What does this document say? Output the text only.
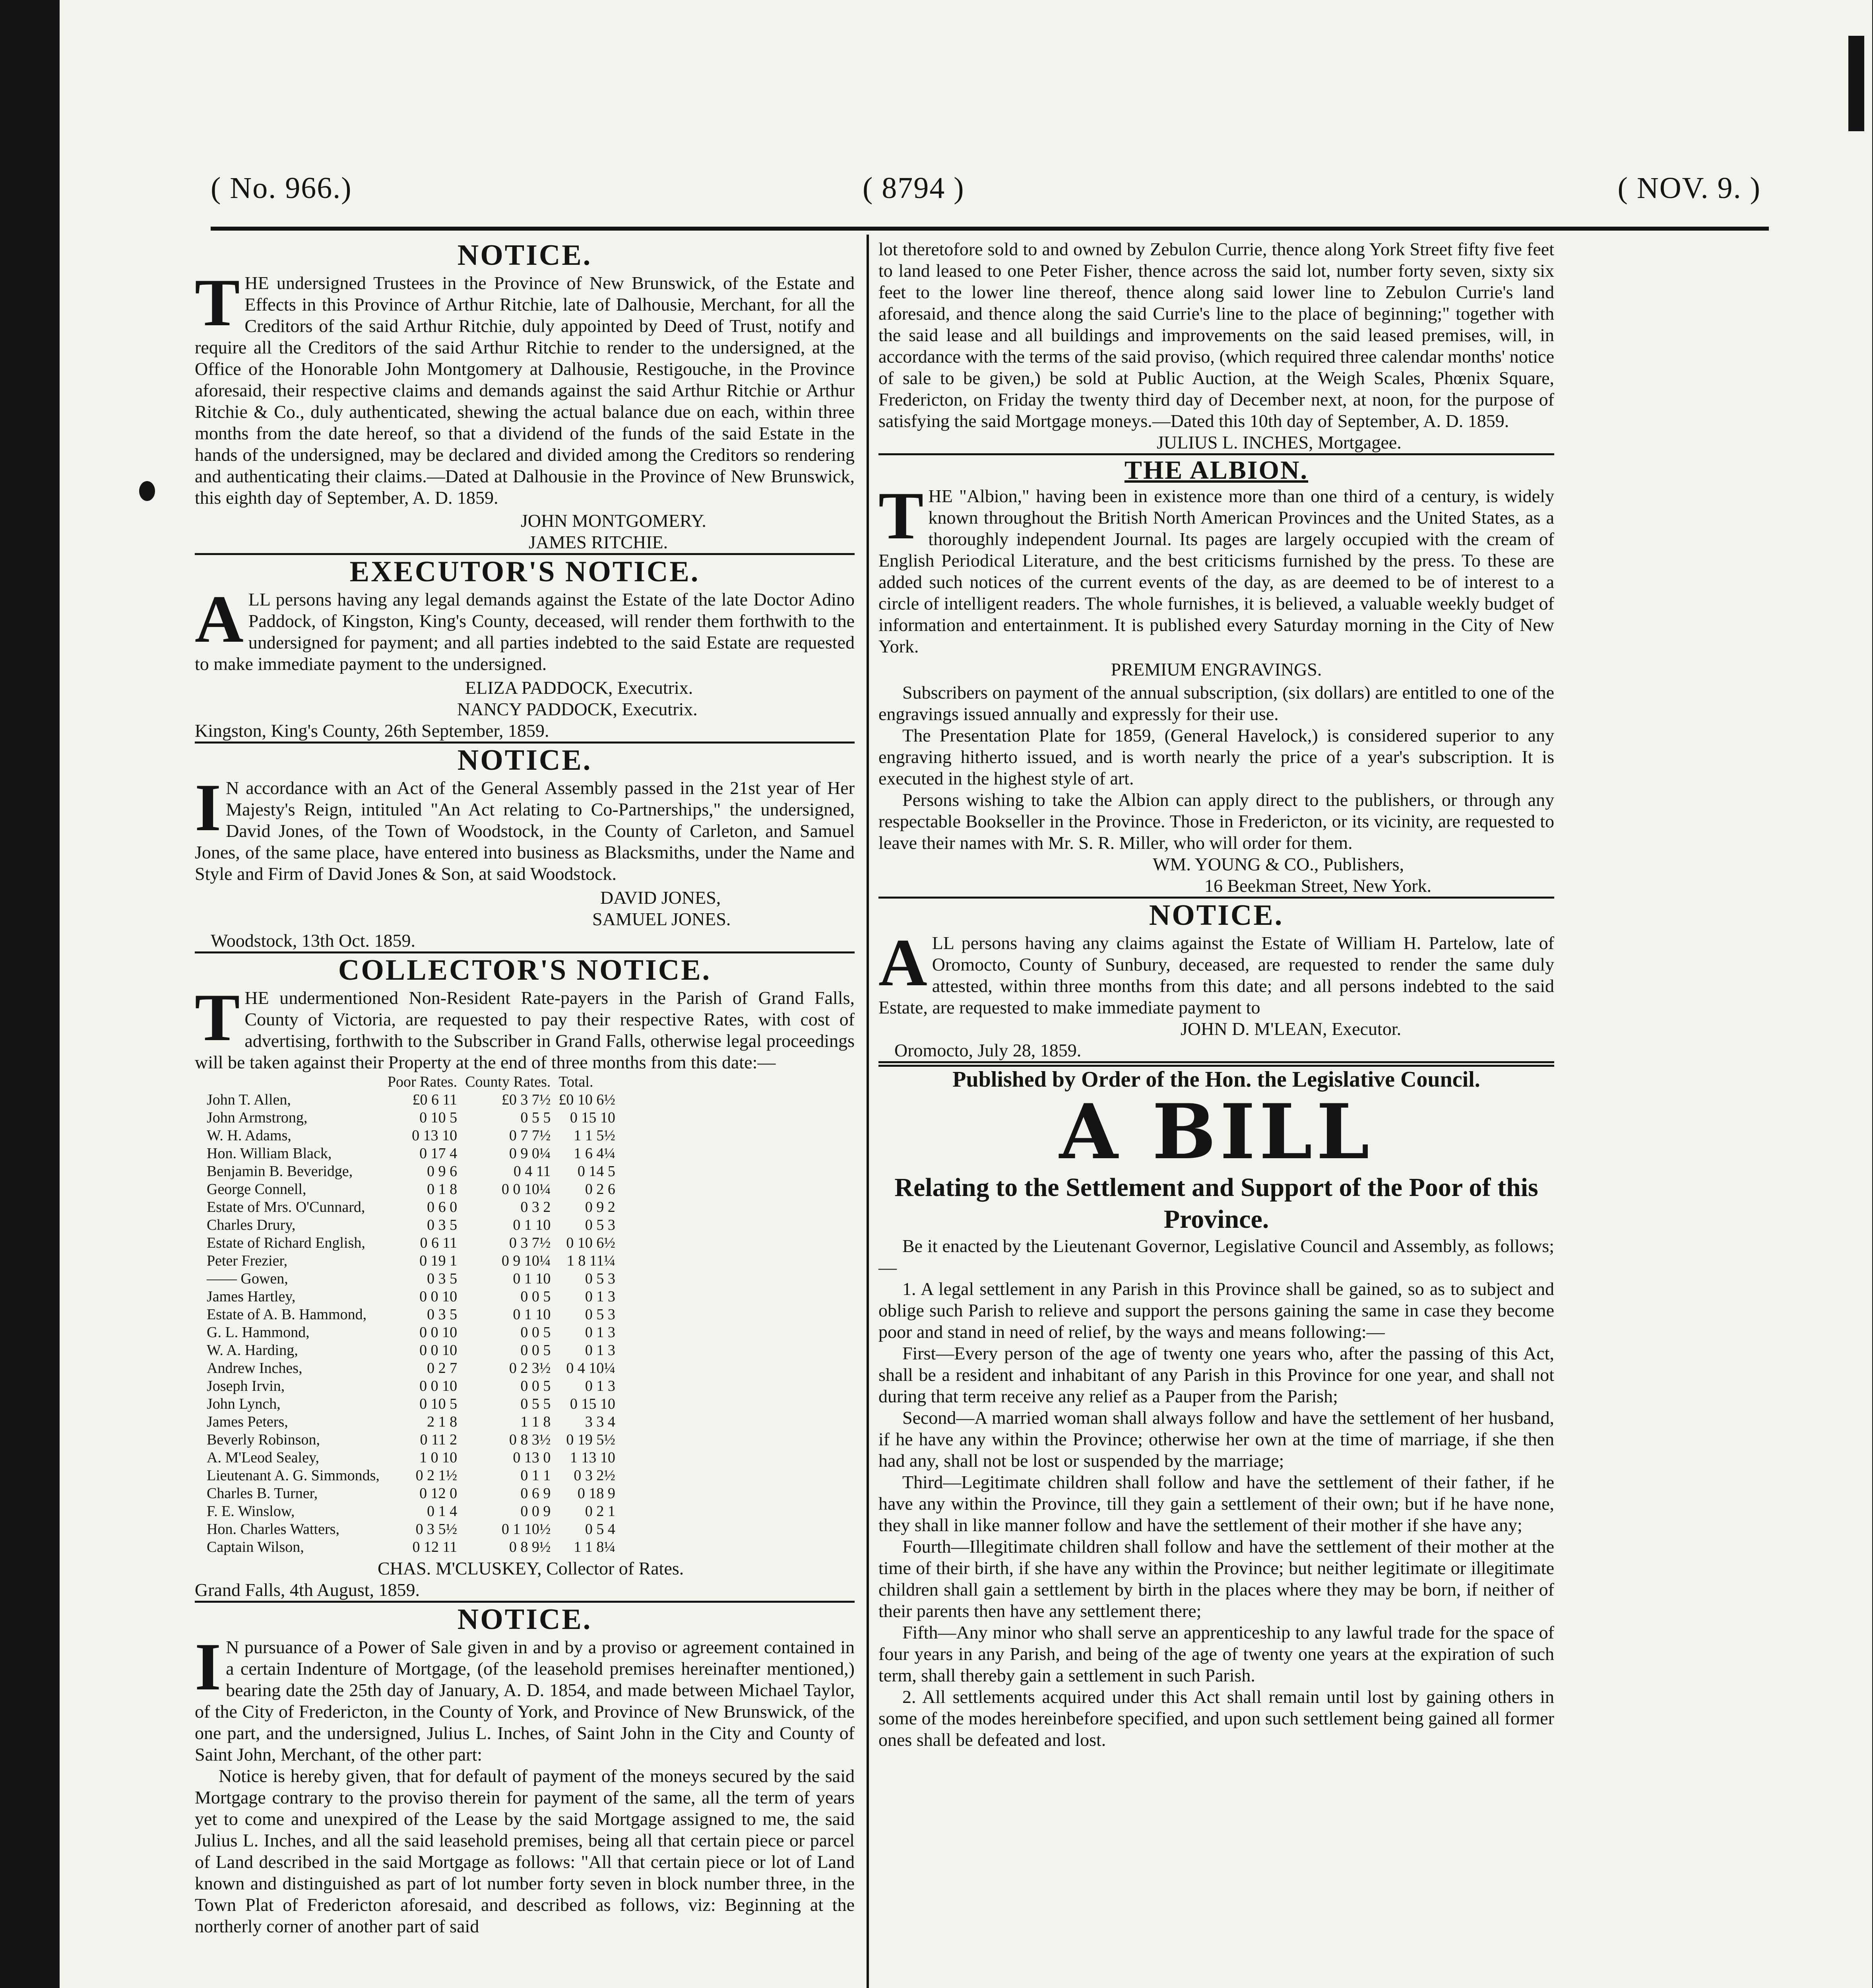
( No. 966.)	( 8794 )	( NOV. 9. )
NOTICE.

THE undersigned Trustees in the Province of New Brunswick, of the Estate and Effects in this Province of Arthur Ritchie, late of Dalhousie, Merchant, for all the Creditors of the said Arthur Ritchie, duly appointed by Deed of Trust, notify and require all the Creditors of the said Arthur Ritchie to render to the undersigned, at the Office of the Honorable John Montgomery at Dalhousie, Restigouche, in the Province aforesaid, their respective claims and demands against the said Arthur Ritchie or Arthur Ritchie & Co., duly authenticated, shewing the actual balance due on each, within three months from the date hereof, so that a dividend of the funds of the said Estate in the hands of the undersigned, may be declared and divided among the Creditors so rendering and authenticating their claims.—Dated at Dalhousie in the Province of New Brunswick, this eighth day of September, A. D. 1859.

JOHN MONTGOMERY.
JAMES RITCHIE.
EXECUTOR'S NOTICE.

ALL persons having any legal demands against the Estate of the late Doctor Adino Paddock, of Kingston, King's County, deceased, will render them forthwith to the undersigned for payment; and all parties indebted to the said Estate are requested to make immediate payment to the undersigned.

ELIZA PADDOCK, Executrix.
NANCY PADDOCK, Executrix.
Kingston, King's County, 26th September, 1859.
NOTICE.

I N accordance with an Act of the General Assembly passed in the 21st year of Her Majesty's Reign, intituled "An Act relating to Co-Partnerships," the undersigned, David Jones, of the Town of Woodstock, in the County of Carleton, and Samuel Jones, of the same place, have entered into business as Blacksmiths, under the Name and Style and Firm of David Jones & Son, at said Woodstock.

DAVID JONES,
SAMUEL JONES.
Woodstock, 13th Oct. 1859.
COLLECTOR'S NOTICE.

THE undermentioned Non-Resident Rate-payers in the Parish of Grand Falls, County of Victoria, are requested to pay their respective Rates, with cost of advertising, forthwith to the Subscriber in Grand Falls, otherwise legal proceedings will be taken against their Property at the end of three months from this date:—

	Poor Rates.	County Rates.	Total.
John T. Allen,	£0 6 11	£0 3 7½	£0 10 6½
John Armstrong,	0 10 5	0 5 5	0 15 10
W. H. Adams,	0 13 10	0 7 7½	1 1 5½
Hon. William Black,	0 17 4	0 9 0¼	1 6 4¼
Benjamin B. Beveridge,	0 9 6	0 4 11	0 14 5
George Connell,	0 1 8	0 0 10¼	0 2 6
Estate of Mrs. O'Cunnard,	0 6 0	0 3 2	0 9 2
Charles Drury,	0 3 5	0 1 10	0 5 3
Estate of Richard English,	0 6 11	0 3 7½	0 10 6½
Peter Frezier,	0 19 1	0 9 10¼	1 8 11¼
—— Gowen,	0 3 5	0 1 10	0 5 3
James Hartley,	0 0 10	0 0 5	0 1 3
Estate of A. B. Hammond,	0 3 5	0 1 10	0 5 3
G. L. Hammond,	0 0 10	0 0 5	0 1 3
W. A. Harding,	0 0 10	0 0 5	0 1 3
Andrew Inches,	0 2 7	0 2 3½	0 4 10¼
Joseph Irvin,	0 0 10	0 0 5	0 1 3
John Lynch,	0 10 5	0 5 5	0 15 10
James Peters,	2 1 8	1 1 8	3 3 4
Beverly Robinson,	0 11 2	0 8 3½	0 19 5½
A. M'Leod Sealey,	1 0 10	0 13 0	1 13 10
Lieutenant A. G. Simmonds,	0 2 1½	0 1 1	0 3 2½
Charles B. Turner,	0 12 0	0 6 9	0 18 9
F. E. Winslow,	0 1 4	0 0 9	0 2 1
Hon. Charles Watters,	0 3 5½	0 1 10½	0 5 4
Captain Wilson,	0 12 11	0 8 9½	1 1 8¼
CHAS. M'CLUSKEY, Collector of Rates.
Grand Falls, 4th August, 1859.
NOTICE.

I N pursuance of a Power of Sale given in and by a proviso or agreement contained in a certain Indenture of Mortgage, (of the leasehold premises hereinafter mentioned,) bearing date the 25th day of January, A. D. 1854, and made between Michael Taylor, of the City of Fredericton, in the County of York, and Province of New Brunswick, of the one part, and the undersigned, Julius L. Inches, of Saint John in the City and County of Saint John, Merchant, of the other part:

Notice is hereby given, that for default of payment of the moneys secured by the said Mortgage contrary to the proviso therein for payment of the same, all the term of years yet to come and unexpired of the Lease by the said Mortgage assigned to me, the said Julius L. Inches, and all the said leasehold premises, being all that certain piece or parcel of Land described in the said Mortgage as follows: "All that certain piece or lot of Land known and distinguished as part of lot number forty seven in block number three, in the Town Plat of Fredericton aforesaid, and described as follows, viz: Beginning at the northerly corner of another part of said

lot theretofore sold to and owned by Zebulon Currie, thence along York Street fifty five feet to land leased to one Peter Fisher, thence across the said lot, number forty seven, sixty six feet to the lower line thereof, thence along said lower line to Zebulon Currie's land aforesaid, and thence along the said Currie's line to the place of beginning;" together with the said lease and all buildings and improvements on the said leased premises, will, in accordance with the terms of the said proviso, (which required three calendar months' notice of sale to be given,) be sold at Public Auction, at the Weigh Scales, Phœnix Square, Fredericton, on Friday the twenty third day of December next, at noon, for the purpose of satisfying the said Mortgage moneys.—Dated this 10th day of September, A. D. 1859.

JULIUS L. INCHES, Mortgagee.
THE ALBION.

THE "Albion," having been in existence more than one third of a century, is widely known throughout the British North American Provinces and the United States, as a thoroughly independent Journal. Its pages are largely occupied with the cream of English Periodical Literature, and the best criticisms furnished by the press. To these are added such notices of the current events of the day, as are deemed to be of interest to a circle of intelligent readers. The whole furnishes, it is believed, a valuable weekly budget of information and entertainment. It is published every Saturday morning in the City of New York.

PREMIUM ENGRAVINGS.

Subscribers on payment of the annual subscription, (six dollars) are entitled to one of the engravings issued annually and expressly for their use.

The Presentation Plate for 1859, (General Havelock,) is considered superior to any engraving hitherto issued, and is worth nearly the price of a year's subscription. It is executed in the highest style of art.

Persons wishing to take the Albion can apply direct to the publishers, or through any respectable Bookseller in the Province. Those in Fredericton, or its vicinity, are requested to leave their names with Mr. S. R. Miller, who will order for them.

WM. YOUNG & CO., Publishers,
16 Beekman Street, New York.
NOTICE.

ALL persons having any claims against the Estate of William H. Partelow, late of Oromocto, County of Sunbury, deceased, are requested to render the same duly attested, within three months from this date; and all persons indebted to the said Estate, are requested to make immediate payment to

JOHN D. M'LEAN, Executor.
Oromocto, July 28, 1859.
Published by Order of the Hon. the Legislative Council.
A BILL
Relating to the Settlement and Support of the Poor of this Province.

Be it enacted by the Lieutenant Governor, Legislative Council and Assembly, as follows;—

1. A legal settlement in any Parish in this Province shall be gained, so as to subject and oblige such Parish to relieve and support the persons gaining the same in case they become poor and stand in need of relief, by the ways and means following:—

First—Every person of the age of twenty one years who, after the passing of this Act, shall be a resident and inhabitant of any Parish in this Province for one year, and shall not during that term receive any relief as a Pauper from the Parish;

Second—A married woman shall always follow and have the settlement of her husband, if he have any within the Province; otherwise her own at the time of marriage, if she then had any, shall not be lost or suspended by the marriage;

Third—Legitimate children shall follow and have the settlement of their father, if he have any within the Province, till they gain a settlement of their own; but if he have none, they shall in like manner follow and have the settlement of their mother if she have any;

Fourth—Illegitimate children shall follow and have the settlement of their mother at the time of their birth, if she have any within the Province; but neither legitimate or illegitimate children shall gain a settlement by birth in the places where they may be born, if neither of their parents then have any settlement there;

Fifth—Any minor who shall serve an apprenticeship to any lawful trade for the space of four years in any Parish, and being of the age of twenty one years at the expiration of such term, shall thereby gain a settlement in such Parish.

2. All settlements acquired under this Act shall remain until lost by gaining others in some of the modes hereinbefore specified, and upon such settlement being gained all former ones shall be defeated and lost.
